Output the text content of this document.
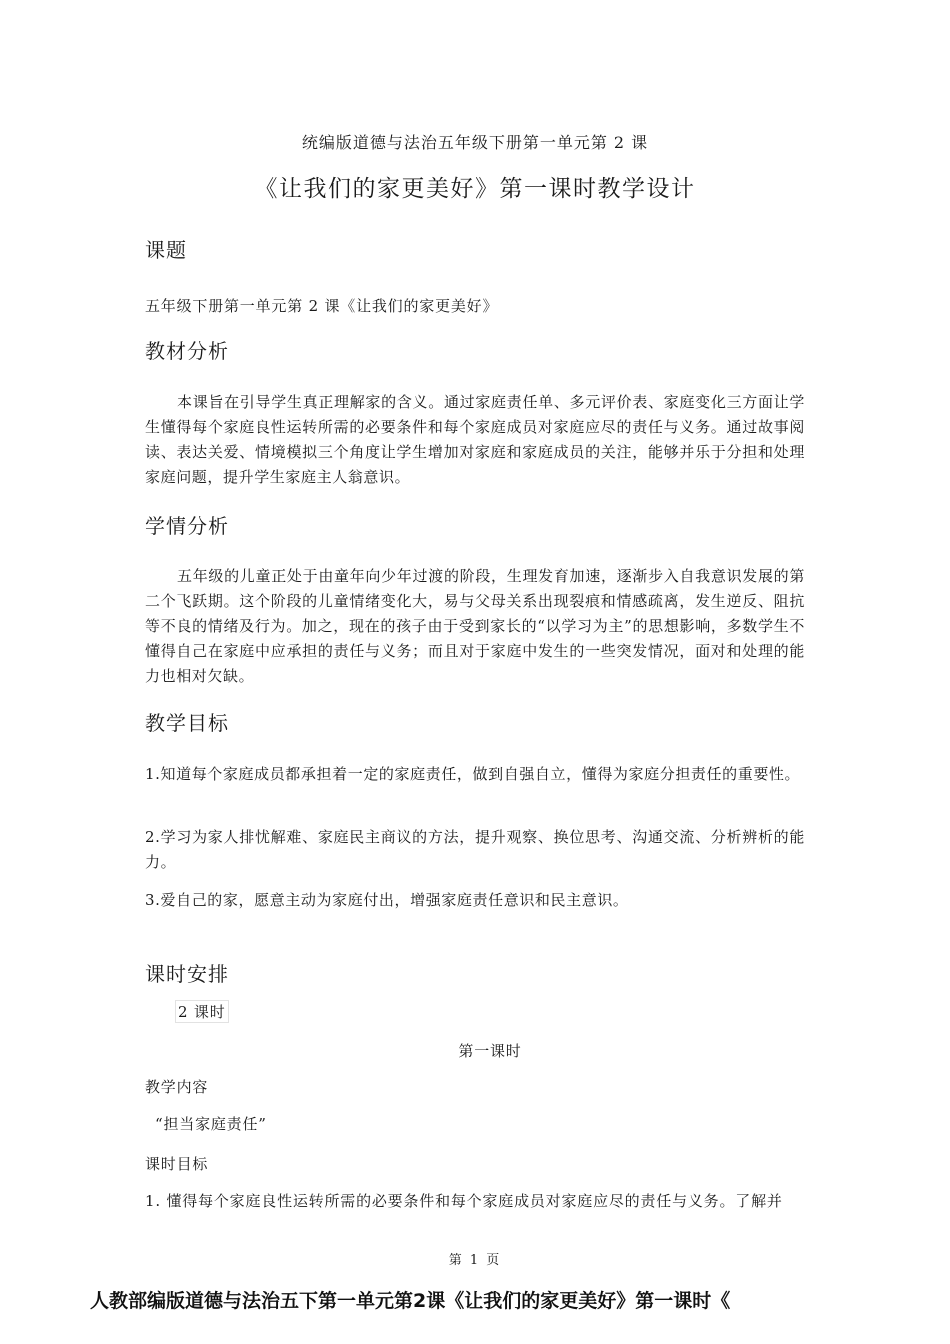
统编版道德与法治五年级下册第一单元第 2 课
《让我们的家更美好》第一课时教学设计
课题
五年级下册第一单元第 2 课《让我们的家更美好》
教材分析
本课旨在引导学生真正理解家的含义。通过家庭责任单、多元评价表、家庭变化三方面让学生懂得每个家庭良性运转所需的必要条件和每个家庭成员对家庭应尽的责任与义务。通过故事阅读、表达关爱、情境模拟三个角度让学生增加对家庭和家庭成员的关注，能够并乐于分担和处理家庭问题，提升学生家庭主人翁意识。
学情分析
五年级的儿童正处于由童年向少年过渡的阶段，生理发育加速，逐渐步入自我意识发展的第二个飞跃期。这个阶段的儿童情绪变化大，易与父母关系出现裂痕和情感疏离，发生逆反、阻抗等不良的情绪及行为。加之，现在的孩子由于受到家长的“以学习为主”的思想影响，多数学生不懂得自己在家庭中应承担的责任与义务；而且对于家庭中发生的一些突发情况，面对和处理的能力也相对欠缺。
教学目标
1.知道每个家庭成员都承担着一定的家庭责任，做到自强自立，懂得为家庭分担责任的重要性。
2.学习为家人排忧解难、家庭民主商议的方法，提升观察、换位思考、沟通交流、分析辨析的能力。
3.爱自己的家，愿意主动为家庭付出，增强家庭责任意识和民主意识。
课时安排
2 课时
第一课时
教学内容
“担当家庭责任”
课时目标
1. 懂得每个家庭良性运转所需的必要条件和每个家庭成员对家庭应尽的责任与义务。了解并
第 1 页
人教部编版道德与法治五下第一单元第2课《让我们的家更美好》第一课时《
